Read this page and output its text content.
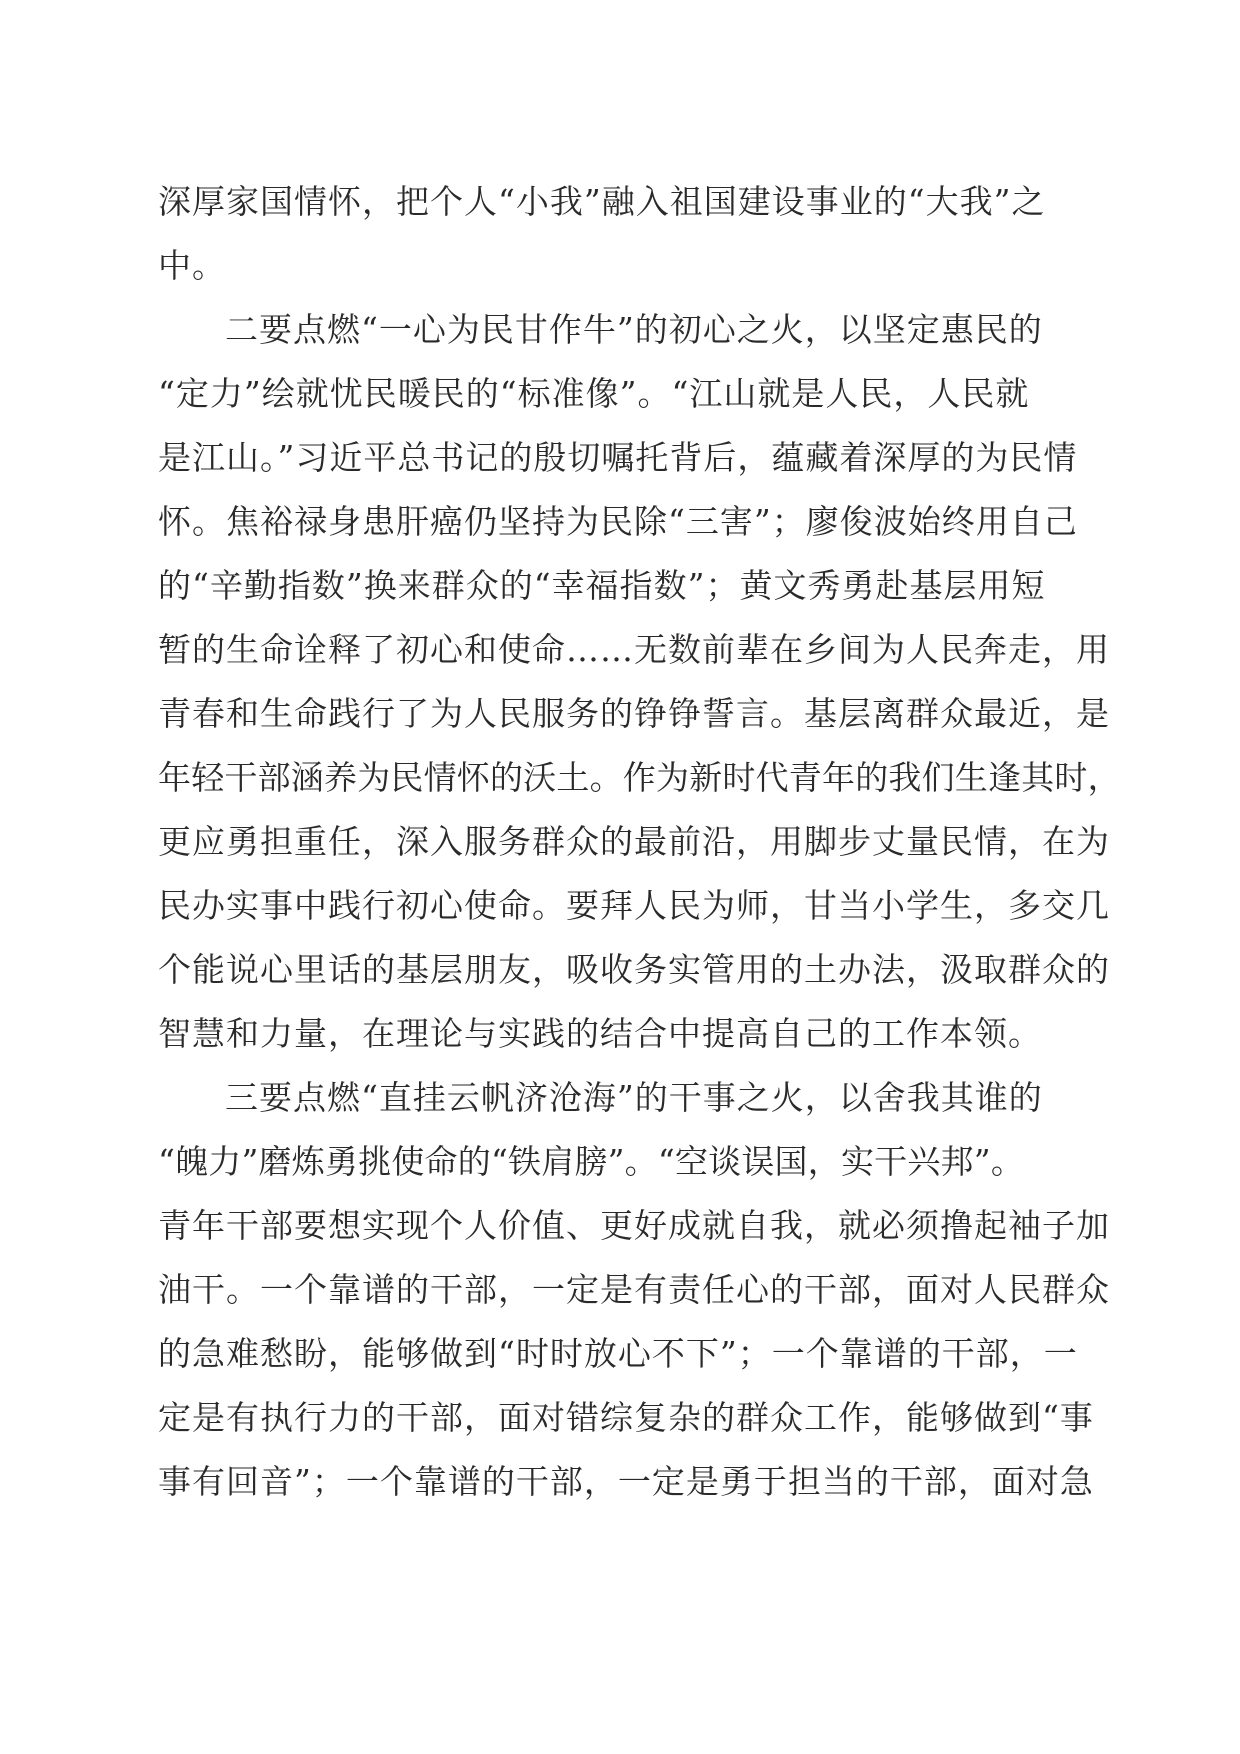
深厚家国情怀，把个人“小我”融入祖国建设事业的“大我”之
中。
二要点燃“一心为民甘作牛”的初心之火，以坚定惠民的
“定力”绘就忧民暖民的“标准像”。“江山就是人民，人民就
是江山。”习近平总书记的殷切嘱托背后，蕴藏着深厚的为民情
怀。焦裕禄身患肝癌仍坚持为民除“三害”；廖俊波始终用自己
的“辛勤指数”换来群众的“幸福指数”；黄文秀勇赴基层用短
暂的生命诠释了初心和使命……无数前辈在乡间为人民奔走，用
青春和生命践行了为人民服务的铮铮誓言。基层离群众最近，是
年轻干部涵养为民情怀的沃土。作为新时代青年的我们生逢其时，
更应勇担重任，深入服务群众的最前沿，用脚步丈量民情，在为
民办实事中践行初心使命。要拜人民为师，甘当小学生，多交几
个能说心里话的基层朋友，吸收务实管用的土办法，汲取群众的
智慧和力量，在理论与实践的结合中提高自己的工作本领。
三要点燃“直挂云帆济沧海”的干事之火，以舍我其谁的
“魄力”磨炼勇挑使命的“铁肩膀”。“空谈误国，实干兴邦”。
青年干部要想实现个人价值、更好成就自我，就必须撸起袖子加
油干。一个靠谱的干部，一定是有责任心的干部，面对人民群众
的急难愁盼，能够做到“时时放心不下”；一个靠谱的干部，一
定是有执行力的干部，面对错综复杂的群众工作，能够做到“事
事有回音”；一个靠谱的干部，一定是勇于担当的干部，面对急
